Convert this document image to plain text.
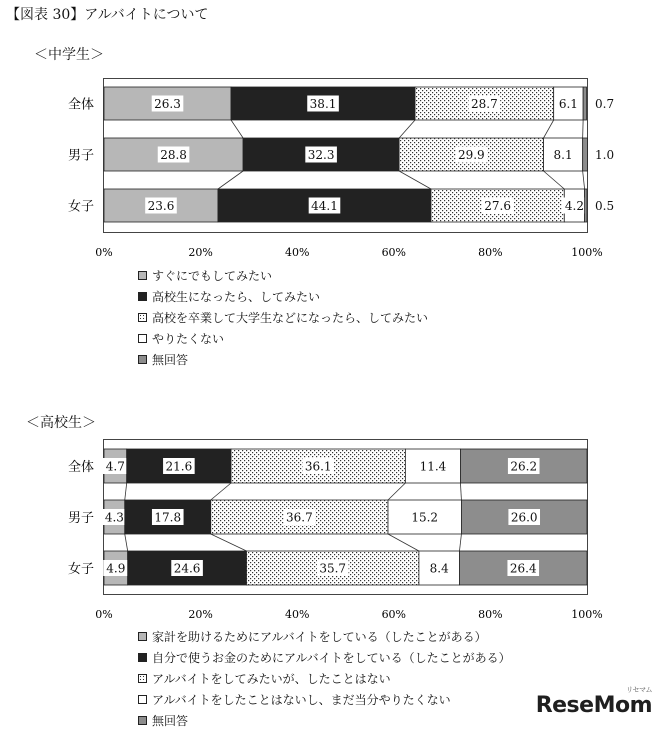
【図表 30】アルバイトについて
＜中学生＞
＜高校生＞
全体	26.3	38.1	28.7	6.1 0.7
男子	28.8	32.3	29.9	8.1 1.0
女子	23.6	44.1	27.6	4.2 0.5
0%	20%	40%	60%	80%	100%
全体 4.7	21.6	36.1	11.4	26.2
男子 4.3	17.8	36.7	15.2	26.0
女子 4.9	24.6	35.7	8.4	26.4
0%	20%	40%	60%	80%	100%
すぐにでもしてみたい
高校生になったら、してみたい
高校を卒業して大学生などになったら、してみたい
やりたくない
無回答
家計を助けるためにアルバイトをしている（したことがある）
自分で使うお金のためにアルバイトをしている（したことがある）
アルバイトをしてみたいが、したことはない
アルバイトをしたことはないし、まだ当分やりたくない
無回答
ReseMom
リセマム
